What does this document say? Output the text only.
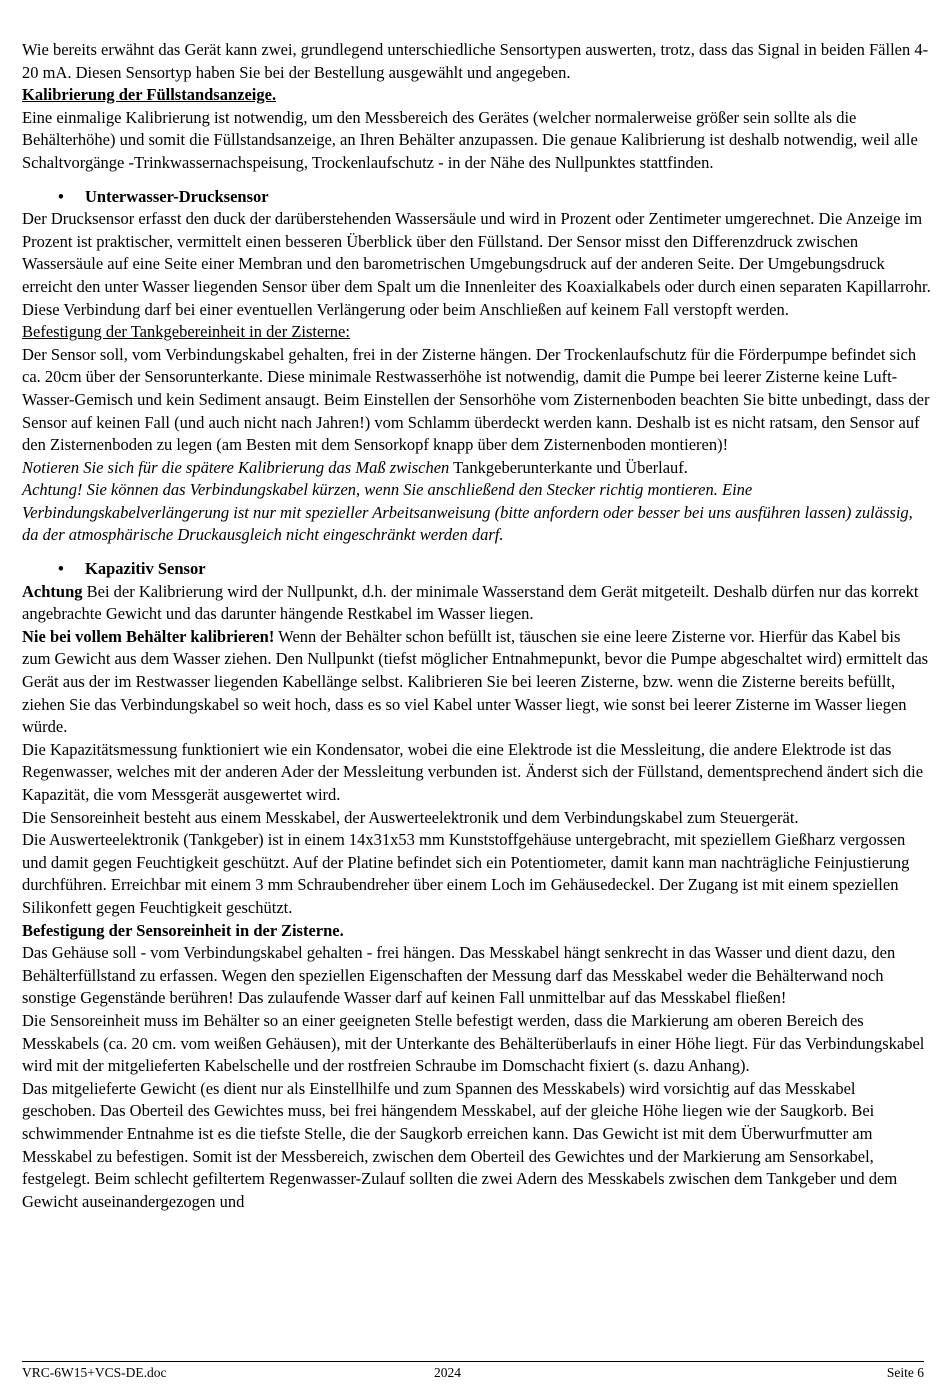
Wie bereits erwähnt das Gerät kann zwei, grundlegend unterschiedliche Sensortypen auswerten, trotz, dass das Signal in beiden Fällen 4-20 mA. Diesen Sensortyp haben Sie bei der Bestellung ausgewählt und angegeben.

Kalibrierung der Füllstandsanzeige.

Eine einmalige Kalibrierung ist notwendig, um den Messbereich des Gerätes (welcher normalerweise größer sein sollte als die Behälterhöhe) und somit die Füllstandsanzeige, an Ihren Behälter anzupassen. Die genaue Kalibrierung ist deshalb notwendig, weil alle Schaltvorgänge -Trinkwassernachspeisung, Trockenlaufschutz - in der Nähe des Nullpunktes stattfinden.

•	Unterwasser-Drucksensor

Der Drucksensor erfasst den duck der darüberstehenden Wassersäule und wird in Prozent oder Zentimeter umgerechnet. Die Anzeige im Prozent ist praktischer, vermittelt einen besseren Überblick über den Füllstand. Der Sensor misst den Differenzdruck zwischen Wassersäule auf eine Seite einer Membran und den barometrischen Umgebungsdruck auf der anderen Seite. Der Umgebungsdruck erreicht den unter Wasser liegenden Sensor über dem Spalt um die Innenleiter des Koaxialkabels oder durch einen separaten Kapillarrohr. Diese Verbindung darf bei einer eventuellen Verlängerung oder beim Anschließen auf keinem Fall verstopft werden.

Befestigung der Tankgebereinheit in der Zisterne:

Der Sensor soll, vom Verbindungskabel gehalten, frei in der Zisterne hängen. Der Trockenlaufschutz für die Förderpumpe befindet sich ca. 20cm über der Sensorunterkante. Diese minimale Restwasserhöhe ist notwendig, damit die Pumpe bei leerer Zisterne keine Luft-Wasser-Gemisch und kein Sediment ansaugt. Beim Einstellen der Sensorhöhe vom Zisternenboden beachten Sie bitte unbedingt, dass der Sensor auf keinen Fall (und auch nicht nach Jahren!) vom Schlamm überdeckt werden kann. Deshalb ist es nicht ratsam, den Sensor auf den Zisternenboden zu legen (am Besten mit dem Sensorkopf knapp über dem Zisternenboden montieren)!

Notieren Sie sich für die spätere Kalibrierung das Maß zwischen Tankgeberunterkante und Überlauf.

Achtung! Sie können das Verbindungskabel kürzen, wenn Sie anschließend den Stecker richtig montieren. Eine Verbindungskabelverlängerung ist nur mit spezieller Arbeitsanweisung (bitte anfordern oder besser bei uns ausführen lassen) zulässig, da der atmosphärische Druckausgleich nicht eingeschränkt werden darf.

•	Kapazitiv Sensor

Achtung Bei der Kalibrierung wird der Nullpunkt, d.h. der minimale Wasserstand dem Gerät mitgeteilt. Deshalb dürfen nur das korrekt angebrachte Gewicht und das darunter hängende Restkabel im Wasser liegen.

Nie bei vollem Behälter kalibrieren! Wenn der Behälter schon befüllt ist, täuschen sie eine leere Zisterne vor. Hierfür das Kabel bis zum Gewicht aus dem Wasser ziehen. Den Nullpunkt (tiefst möglicher Entnahmepunkt, bevor die Pumpe abgeschaltet wird) ermittelt das Gerät aus der im Restwasser liegenden Kabellänge selbst. Kalibrieren Sie bei leeren Zisterne, bzw. wenn die Zisterne bereits befüllt, ziehen Sie das Verbindungskabel so weit hoch, dass es so viel Kabel unter Wasser liegt, wie sonst bei leerer Zisterne im Wasser liegen würde.

Die Kapazitätsmessung funktioniert wie ein Kondensator, wobei die eine Elektrode ist die Messleitung, die andere Elektrode ist das Regenwasser, welches mit der anderen Ader der Messleitung verbunden ist. Änderst sich der Füllstand, dementsprechend ändert sich die Kapazität, die vom Messgerät ausgewertet wird.

Die Sensoreinheit besteht aus einem Messkabel, der Auswerteelektronik und dem Verbindungskabel zum Steuergerät.

Die Auswerteelektronik (Tankgeber) ist in einem 14x31x53 mm Kunststoffgehäuse untergebracht, mit speziellem Gießharz vergossen und damit gegen Feuchtigkeit geschützt. Auf der Platine befindet sich ein Potentiometer, damit kann man nachträgliche Feinjustierung durchführen. Erreichbar mit einem 3 mm Schraubendreher über einem Loch im Gehäusedeckel. Der Zugang ist mit einem speziellen Silikonfett gegen Feuchtigkeit geschützt.

Befestigung der Sensoreinheit in der Zisterne.

Das Gehäuse soll - vom Verbindungskabel gehalten - frei hängen. Das Messkabel hängt senkrecht in das Wasser und dient dazu, den Behälterfüllstand zu erfassen. Wegen den speziellen Eigenschaften der Messung darf das Messkabel weder die Behälterwand noch sonstige Gegenstände berühren! Das zulaufende Wasser darf auf keinen Fall unmittelbar auf das Messkabel fließen!

Die Sensoreinheit muss im Behälter so an einer geeigneten Stelle befestigt werden, dass die Markierung am oberen Bereich des Messkabels (ca. 20 cm. vom weißen Gehäusen), mit der Unterkante des Behälterüberlaufs in einer Höhe liegt. Für das Verbindungskabel wird mit der mitgelieferten Kabelschelle und der rostfreien Schraube im Domschacht fixiert (s. dazu Anhang).

Das mitgelieferte Gewicht (es dient nur als Einstellhilfe und zum Spannen des Messkabels) wird vorsichtig auf das Messkabel geschoben. Das Oberteil des Gewichtes muss, bei frei hängendem Messkabel, auf der gleiche Höhe liegen wie der Saugkorb. Bei schwimmender Entnahme ist es die tiefste Stelle, die der Saugkorb erreichen kann. Das Gewicht ist mit dem Überwurfmutter am Messkabel zu befestigen. Somit ist der Messbereich, zwischen dem Oberteil des Gewichtes und der Markierung am Sensorkabel, festgelegt. Beim schlecht gefiltertem Regenwasser-Zulauf sollten die zwei Adern des Messkabels zwischen dem Tankgeber und dem Gewicht auseinandergezogen und

VRC-6W15+VCS-DE.doc	2024	Seite 6
